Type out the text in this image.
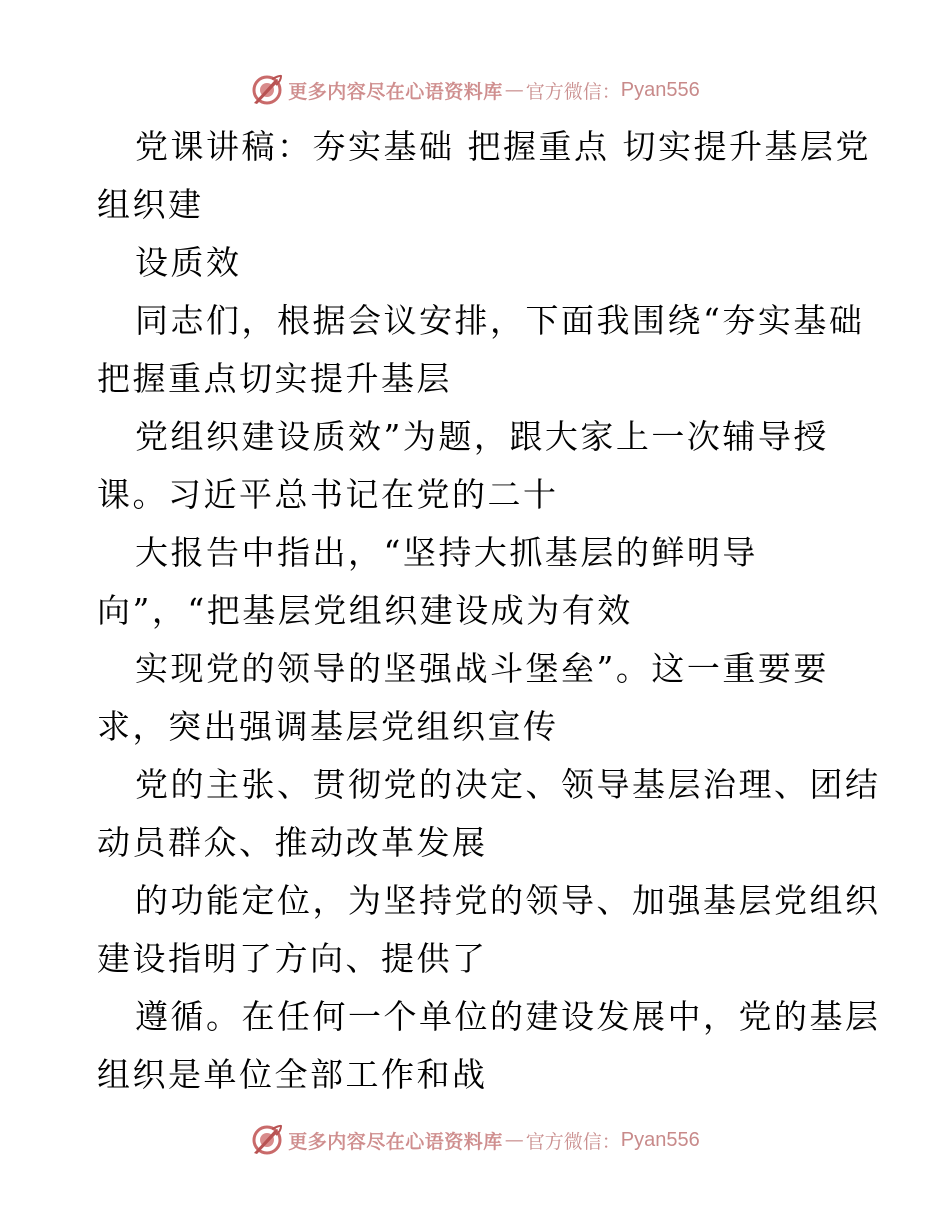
更多内容尽在心语资料库 — 官方微信： Pyan556
党课讲稿：夯实基础 把握重点 切实提升基层党
组织建
设质效
同志们，根据会议安排，下面我围绕“夯实基础
把握重点切实提升基层
党组织建设质效”为题，跟大家上一次辅导授
课。习近平总书记在党的二十
大报告中指出，“坚持大抓基层的鲜明导
向”，“把基层党组织建设成为有效
实现党的领导的坚强战斗堡垒”。这一重要要
求，突出强调基层党组织宣传
党的主张、贯彻党的决定、领导基层治理、团结
动员群众、推动改革发展
的功能定位，为坚持党的领导、加强基层党组织
建设指明了方向、提供了
遵循。在任何一个单位的建设发展中，党的基层
组织是单位全部工作和战
更多内容尽在心语资料库 — 官方微信： Pyan556
